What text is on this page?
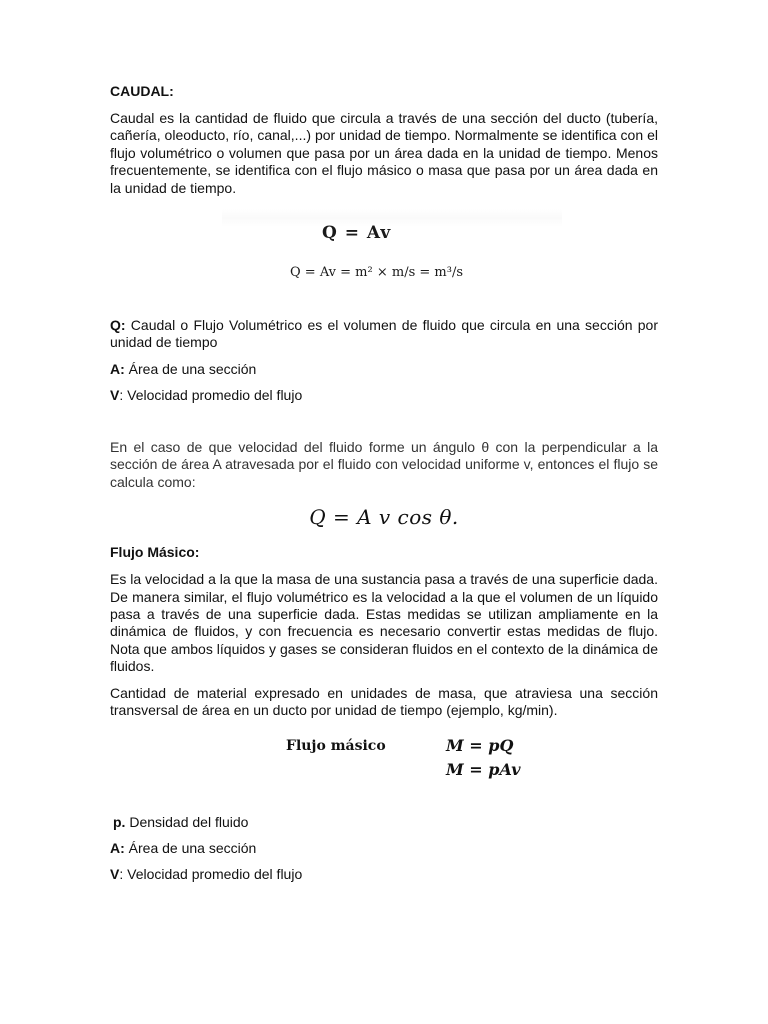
CAUDAL:

Caudal es la cantidad de fluido que circula a través de una sección del ducto (tubería, cañería, oleoducto, río, canal,...) por unidad de tiempo. Normalmente se identifica con el flujo volumétrico o volumen que pasa por un área dada en la unidad de tiempo. Menos frecuentemente, se identifica con el flujo másico o masa que pasa por un área dada en la unidad de tiempo.

Q = Av
Q = Av = m² × m/s = m³/s

Q: Caudal o Flujo Volumétrico es el volumen de fluido que circula en una sección por unidad de tiempo

A: Área de una sección

V: Velocidad promedio del flujo

En el caso de que velocidad del fluido forme un ángulo θ con la perpendicular a la sección de área A atravesada por el fluido con velocidad uniforme v, entonces el flujo se calcula como:

Q = A v cos θ.
Flujo Másico:

Es la velocidad a la que la masa de una sustancia pasa a través de una superficie dada. De manera similar, el flujo volumétrico es la velocidad a la que el volumen de un líquido pasa a través de una superficie dada. Estas medidas se utilizan ampliamente en la dinámica de fluidos, y con frecuencia es necesario convertir estas medidas de flujo. Nota que ambos líquidos y gases se consideran fluidos en el contexto de la dinámica de fluidos.

Cantidad de material expresado en unidades de masa, que atraviesa una sección transversal de área en un ducto por unidad de tiempo (ejemplo, kg/min).

Flujo másico	M = pQ
M = pAv

p. Densidad del fluido

A: Área de una sección

V: Velocidad promedio del flujo
